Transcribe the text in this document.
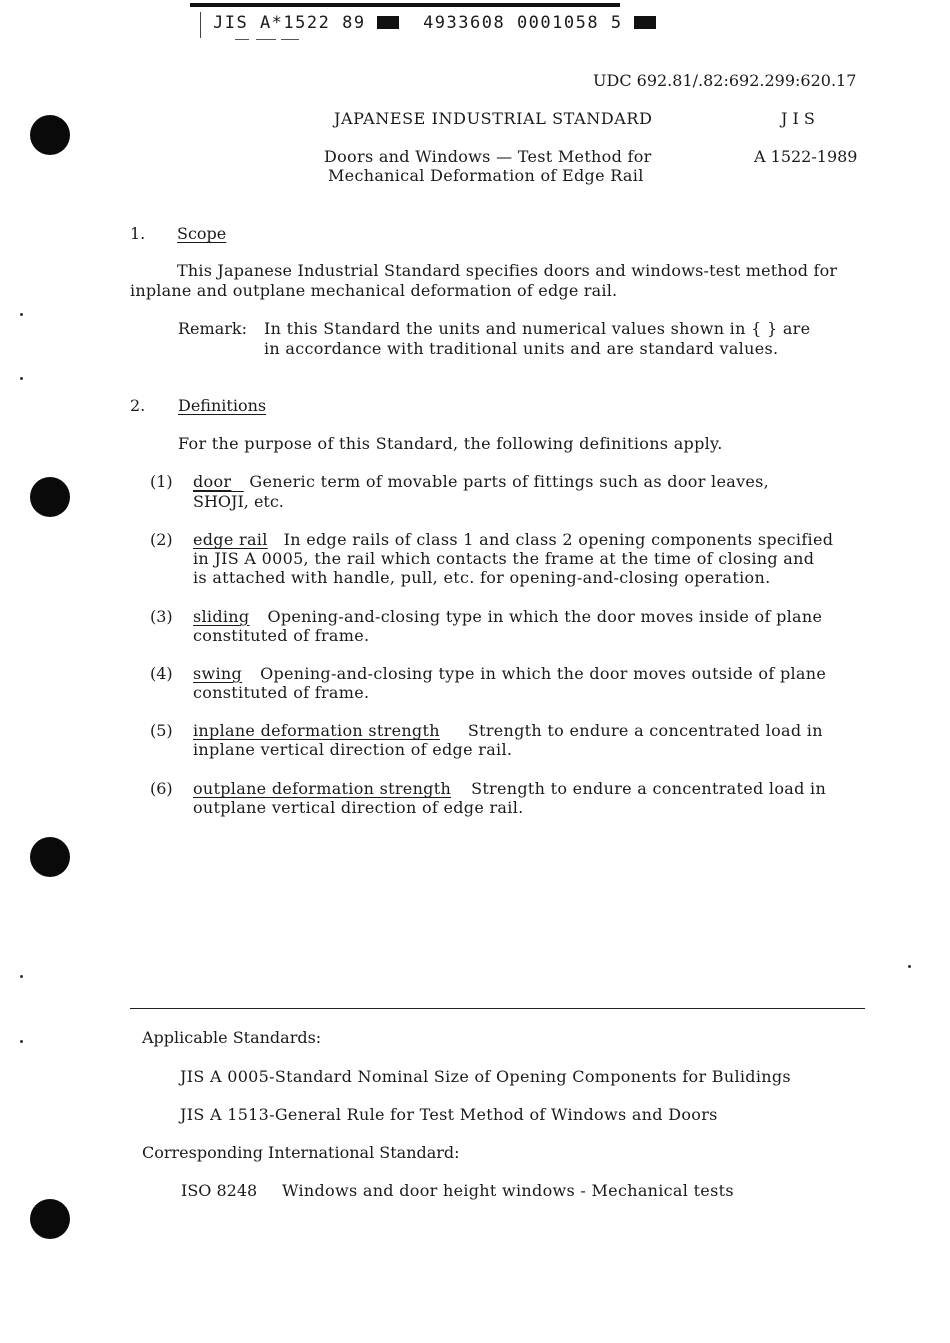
JIS A*1522 89	4933608 0001058 5
UDC 692.81/.82:692.299:620.17
JAPANESE INDUSTRIAL STANDARD	J I S
Doors and Windows — Test Method for
Mechanical Deformation of Edge Rail
A 1522-1989
1. Scope
This Japanese Industrial Standard specifies doors and windows-test method for
inplane and outplane mechanical deformation of edge rail.
Remark: In this Standard the units and numerical values shown in { } are
in accordance with traditional units and are standard values.
2. Definitions
For the purpose of this Standard, the following definitions apply.
(1) door Generic term of movable parts of fittings such as door leaves,
SHOJI, etc.
(2) edge rail In edge rails of class 1 and class 2 opening components specified
in JIS A 0005, the rail which contacts the frame at the time of closing and
is attached with handle, pull, etc. for opening-and-closing operation.
(3) sliding Opening-and-closing type in which the door moves inside of plane
constituted of frame.
(4) swing Opening-and-closing type in which the door moves outside of plane
constituted of frame.
(5) inplane deformation strength Strength to endure a concentrated load in
inplane vertical direction of edge rail.
(6) outplane deformation strength Strength to endure a concentrated load in
outplane vertical direction of edge rail.
Applicable Standards:
JIS A 0005-Standard Nominal Size of Opening Components for Bulidings
JIS A 1513-General Rule for Test Method of Windows and Doors
Corresponding International Standard:
ISO 8248 Windows and door height windows - Mechanical tests
